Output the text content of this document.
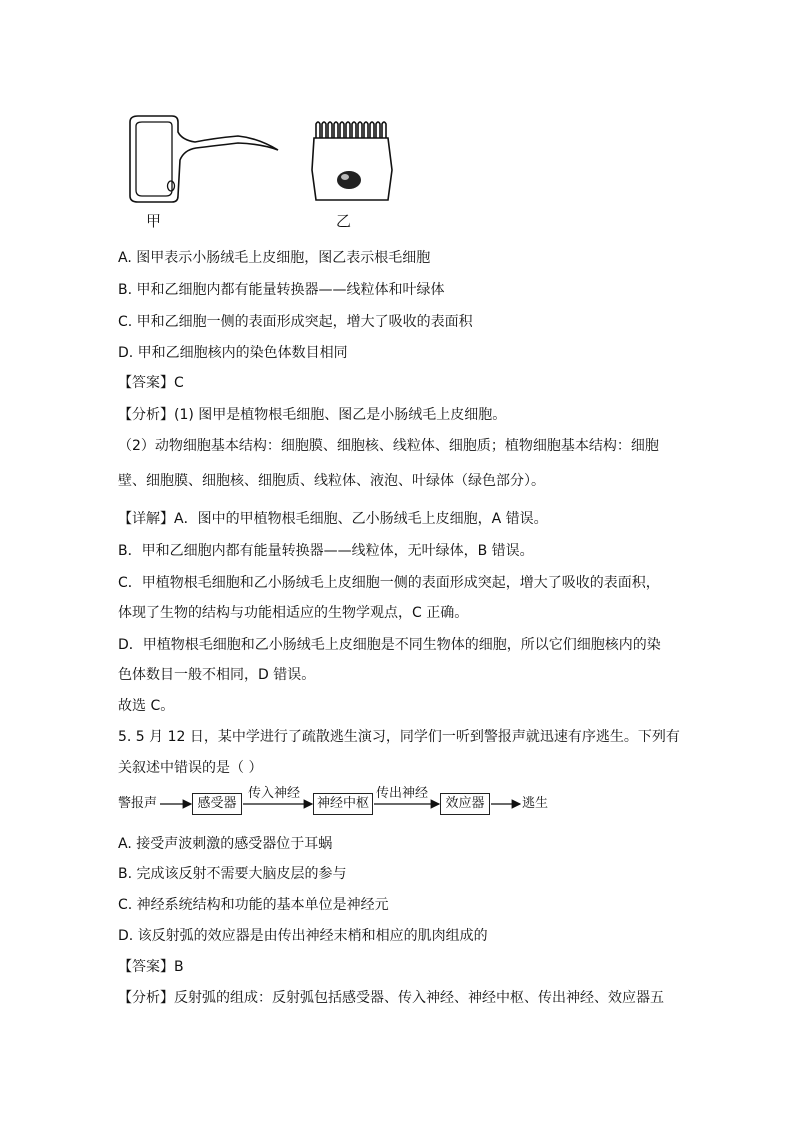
甲	乙
A. 图甲表示小肠绒毛上皮细胞，图乙表示根毛细胞
B. 甲和乙细胞内都有能量转换器——线粒体和叶绿体
C. 甲和乙细胞一侧的表面形成突起，增大了吸收的表面积
D. 甲和乙细胞核内的染色体数目相同
【答案】C
【分析】(1) 图甲是植物根毛细胞、图乙是小肠绒毛上皮细胞。
（2）动物细胞基本结构：细胞膜、细胞核、线粒体、细胞质；植物细胞基本结构：细胞
壁、细胞膜、细胞核、细胞质、线粒体、液泡、叶绿体（绿色部分）。
【详解】A．图中的甲植物根毛细胞、乙小肠绒毛上皮细胞，A 错误。
B．甲和乙细胞内都有能量转换器——线粒体，无叶绿体，B 错误。
C．甲植物根毛细胞和乙小肠绒毛上皮细胞一侧的表面形成突起，增大了吸收的表面积，
体现了生物的结构与功能相适应的生物学观点，C 正确。
D．甲植物根毛细胞和乙小肠绒毛上皮细胞是不同生物体的细胞，所以它们细胞核内的染
色体数目一般不相同，D 错误。
故选 C。
5. 5 月 12 日，某中学进行了疏散逃生演习，同学们一听到警报声就迅速有序逃生。下列有
关叙述中错误的是（ ）
警报声	感受器
传入神经
神经中枢
传出神经
效应器	逃生
A. 接受声波刺激的感受器位于耳蜗
B. 完成该反射不需要大脑皮层的参与
C. 神经系统结构和功能的基本单位是神经元
D. 该反射弧的效应器是由传出神经末梢和相应的肌肉组成的
【答案】B
【分析】反射弧的组成：反射弧包括感受器、传入神经、神经中枢、传出神经、效应器五
